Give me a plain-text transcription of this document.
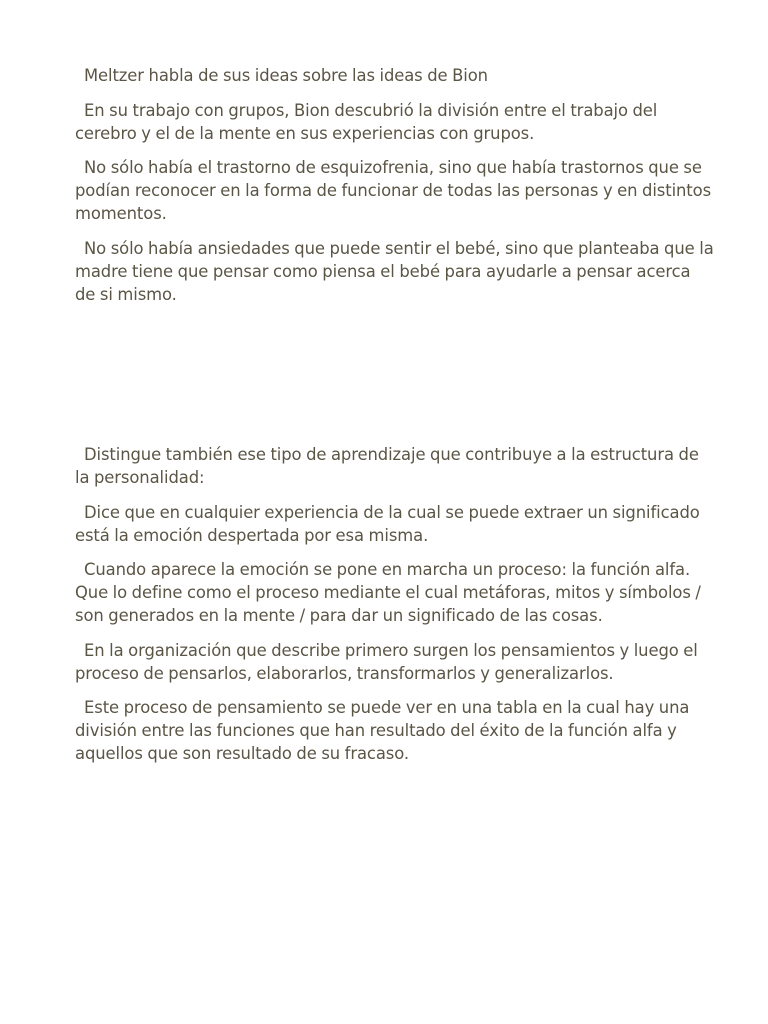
Meltzer habla de sus ideas sobre las ideas de Bion

En su trabajo con grupos, Bion descubrió la división entre el trabajo del cerebro y el de la mente en sus experiencias con grupos.

No sólo había el trastorno de esquizofrenia, sino que había trastornos que se podían reconocer en la forma de funcionar de todas las personas y en distintos momentos.

No sólo había ansiedades que puede sentir el bebé, sino que planteaba que la madre tiene que pensar como piensa el bebé para ayudarle a pensar acerca de si mismo.

Distingue también ese tipo de aprendizaje que contribuye a la estructura de la personalidad:

Dice que en cualquier experiencia de la cual se puede extraer un significado está la emoción despertada por esa misma.

Cuando aparece la emoción se pone en marcha un proceso: la función alfa. Que lo define como el proceso mediante el cual metáforas, mitos y símbolos / son generados en la mente / para dar un significado de las cosas.

En la organización que describe primero surgen los pensamientos y luego el proceso de pensarlos, elaborarlos, transformarlos y generalizarlos.

Este proceso de pensamiento se puede ver en una tabla en la cual hay una división entre las funciones que han resultado del éxito de la función alfa y aquellos que son resultado de su fracaso.
